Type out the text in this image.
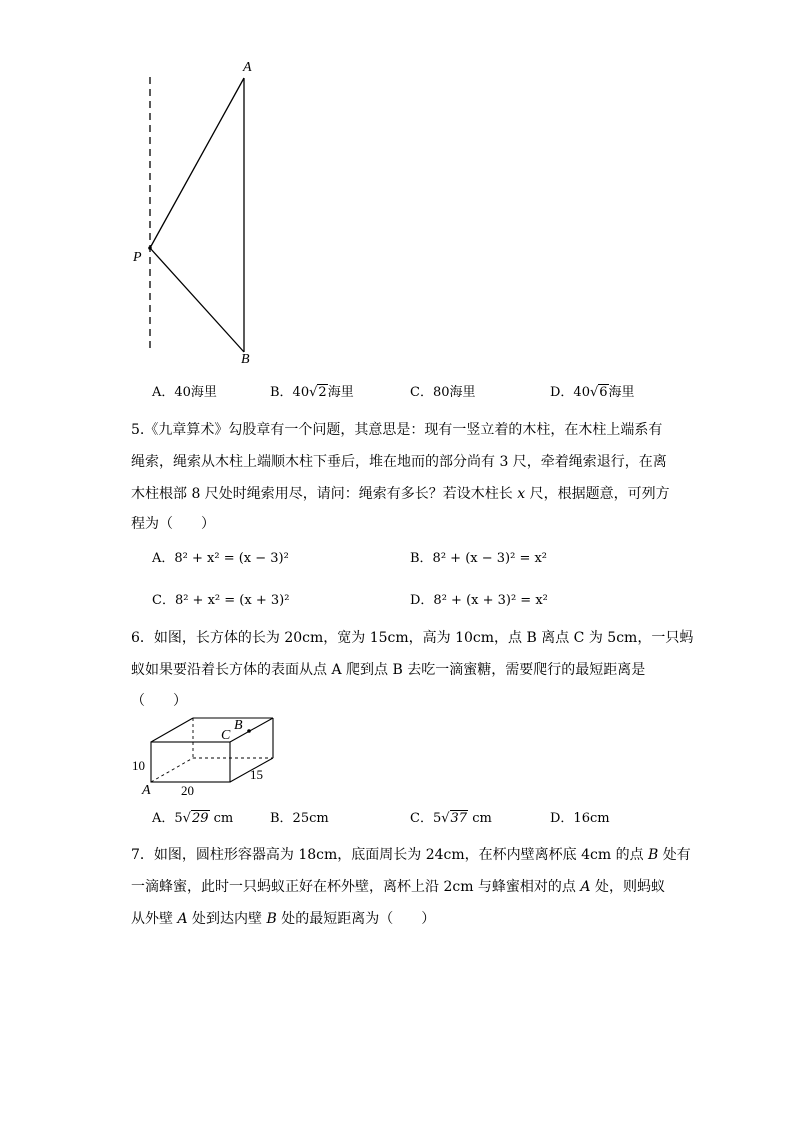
A
P
B
A．40海里	B．40√2海里	C．80海里	D．40√6海里
5.《九章算术》勾股章有一个问题，其意思是：现有一竖立着的木柱，在木柱上端系有
绳索，绳索从木柱上端顺木柱下垂后，堆在地而的部分尚有 3 尺，牵着绳索退行，在离
木柱根部 8 尺处时绳索用尽，请问：绳索有多长？若设木柱长 x 尺，根据题意，可列方
程为（　　）
A．8² + x² = (x − 3)²	B．8² + (x − 3)² = x²
C．8² + x² = (x + 3)²	D．8² + (x + 3)² = x²
6．如图，长方体的长为 20cm，宽为 15cm，高为 10cm，点 B 离点 C 为 5cm，一只蚂
蚁如果要沿着长方体的表面从点 A 爬到点 B 去吃一滴蜜糖，需要爬行的最短距离是
（　　）
B
C
A
10
20
15
A．5√29 cm	B．25cm	C．5√37 cm	D．16cm
7．如图，圆柱形容器高为 18cm，底面周长为 24cm，在杯内壁离杯底 4cm 的点 B 处有
一滴蜂蜜，此时一只蚂蚁正好在杯外壁，离杯上沿 2cm 与蜂蜜相对的点 A 处，则蚂蚁
从外壁 A 处到达内壁 B 处的最短距离为（　　）
